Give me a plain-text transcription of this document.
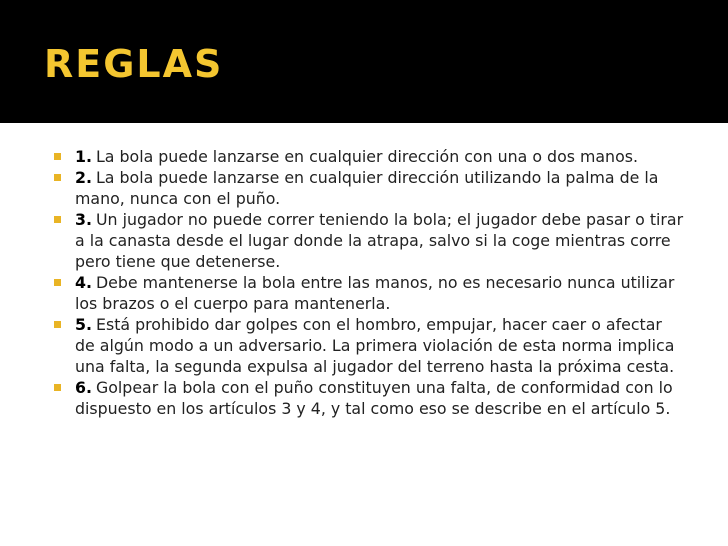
REGLAS
1. La bola puede lanzarse en cualquier dirección con una o dos manos.
2. La bola puede lanzarse en cualquier dirección utilizando la palma de la mano, nunca con el puño.
3. Un jugador no puede correr teniendo la bola; el jugador debe pasar o tirar a la canasta desde el lugar donde la atrapa, salvo si la coge mientras corre pero tiene que detenerse.
4. Debe mantenerse la bola entre las manos, no es necesario nunca utilizar los brazos o el cuerpo para mantenerla.
5. Está prohibido dar golpes con el hombro, empujar, hacer caer o afectar de algún modo a un adversario. La primera violación de esta norma implica una falta, la segunda expulsa al jugador del terreno hasta la próxima cesta.
6. Golpear la bola con el puño constituyen una falta, de conformidad con lo dispuesto en los artículos 3 y 4, y tal como eso se describe en el artículo 5.
